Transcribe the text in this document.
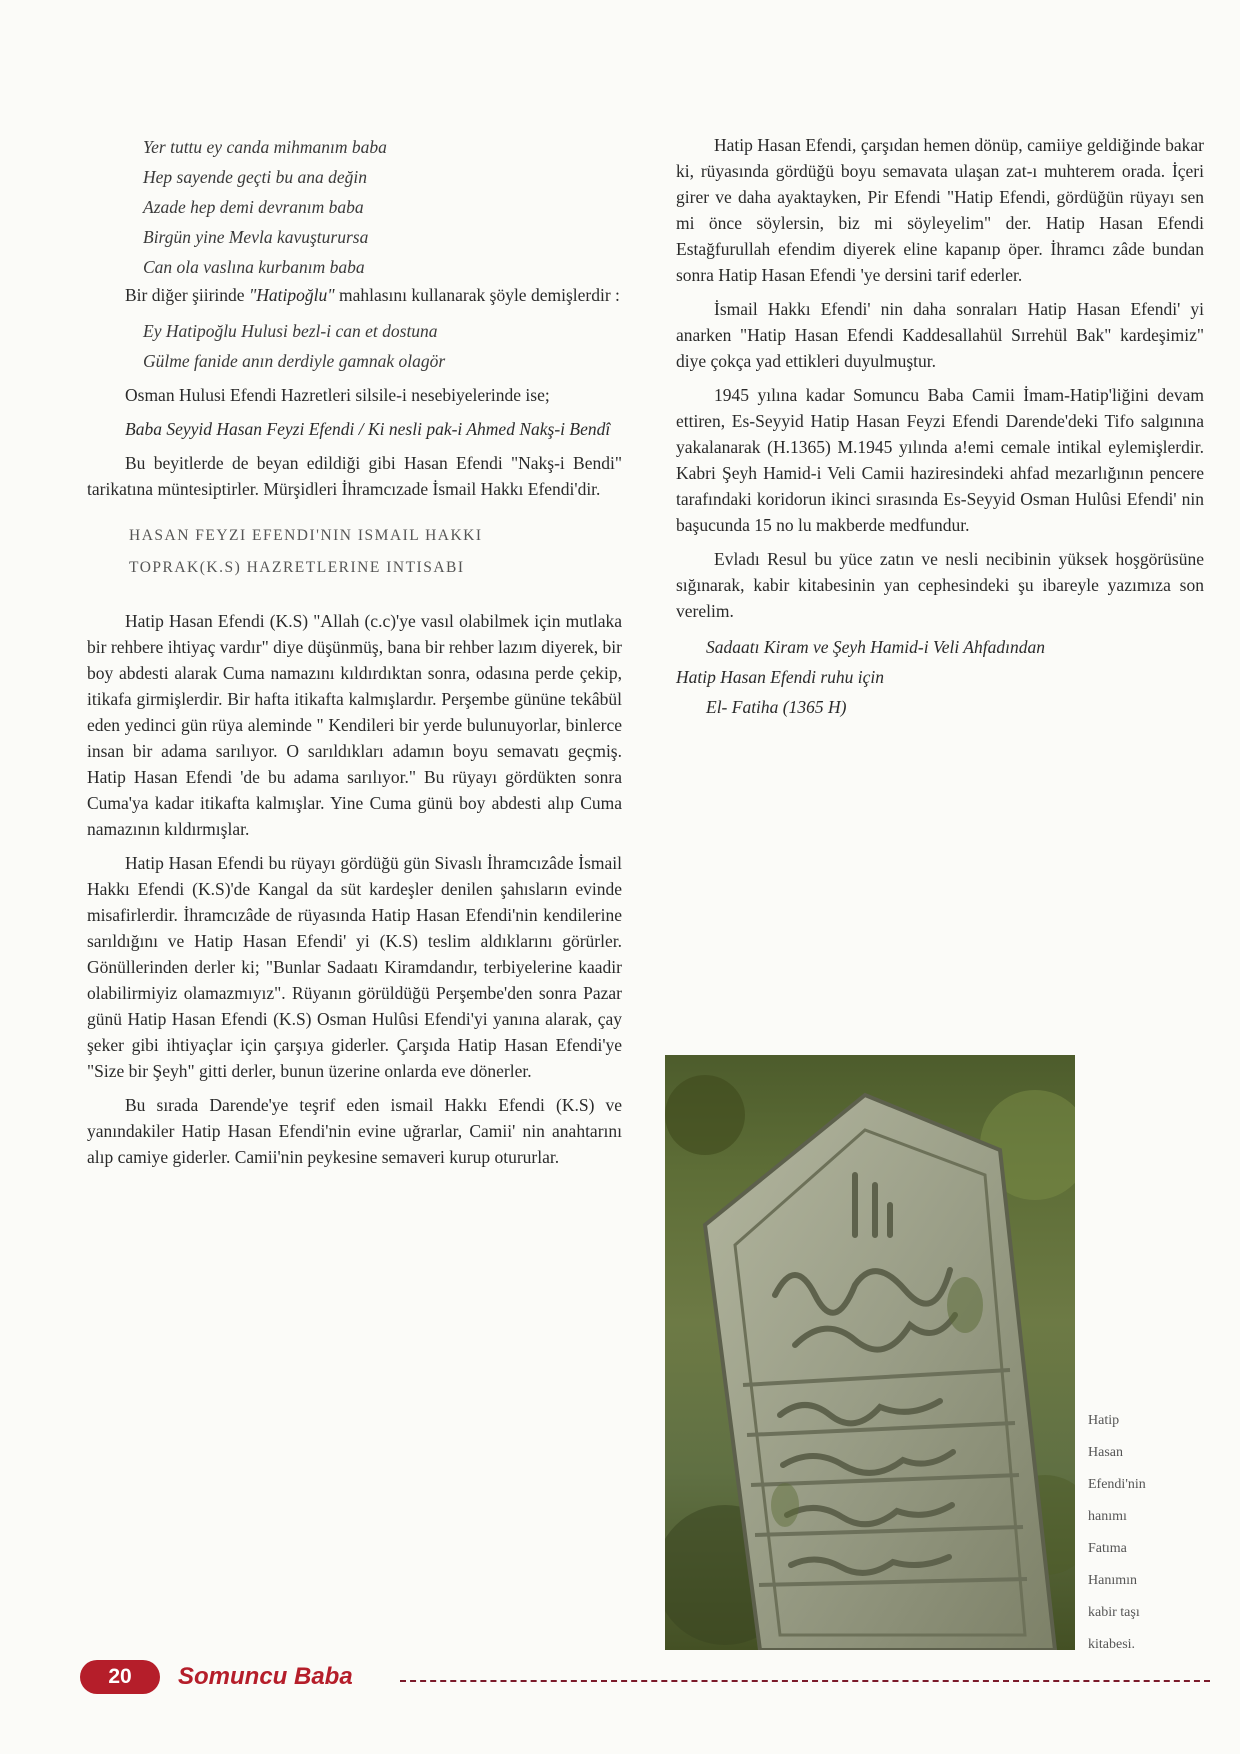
Yer tuttu ey canda mihmanım baba
Hep sayende geçti bu ana değin
Azade hep demi devranım baba
Birgün yine Mevla kavuşturursa
Can ola vaslına kurbanım baba

Bir diğer şiirinde "Hatipoğlu" mahlasını kullanarak şöyle demişlerdir :

Ey Hatipoğlu Hulusi bezl-i can et dostuna
Gülme fanide anın derdiyle gamnak olagör

Osman Hulusi Efendi Hazretleri silsile-i nesebiyelerinde ise;

Baba Seyyid Hasan Feyzi Efendi / Ki nesli pak-i Ahmed Nakş-i Bendî

Bu beyitlerde de beyan edildiği gibi Hasan Efendi "Nakş-i Bendi" tarikatına müntesiptirler. Mürşidleri İhramcızade İsmail Hakkı Efendi'dir.

HASAN FEYZI EFENDI'NIN ISMAIL HAKKI
TOPRAK(K.S) HAZRETLERINE INTISABI

Hatip Hasan Efendi (K.S) "Allah (c.c)'ye vasıl olabilmek için mutlaka bir rehbere ihtiyaç vardır" diye düşünmüş, bana bir rehber lazım diyerek, bir boy abdesti alarak Cuma namazını kıldırdıktan sonra, odasına perde çekip, itikafa girmişlerdir. Bir hafta itikafta kalmışlardır. Perşembe gününe tekâbül eden yedinci gün rüya aleminde " Kendileri bir yerde bulunuyorlar, binlerce insan bir adama sarılıyor. O sarıldıkları adamın boyu semavatı geçmiş. Hatip Hasan Efendi 'de bu adama sarılıyor." Bu rüyayı gördükten sonra Cuma'ya kadar itikafta kalmışlar. Yine Cuma günü boy abdesti alıp Cuma namazının kıldırmışlar.

Hatip Hasan Efendi bu rüyayı gördüğü gün Sivaslı İhramcızâde İsmail Hakkı Efendi (K.S)'de Kangal da süt kardeşler denilen şahısların evinde misafirlerdir. İhramcızâde de rüyasında Hatip Hasan Efendi'nin kendilerine sarıldığını ve Hatip Hasan Efendi' yi (K.S) teslim aldıklarını görürler. Gönüllerinden derler ki; "Bunlar Sadaatı Kiramdandır, terbiyelerine kaadir olabilirmiyiz olamazmıyız". Rüyanın görüldüğü Perşembe'den sonra Pazar günü Hatip Hasan Efendi (K.S) Osman Hulûsi Efendi'yi yanına alarak, çay şeker gibi ihtiyaçlar için çarşıya giderler. Çarşıda Hatip Hasan Efendi'ye "Size bir Şeyh" gitti derler, bunun üzerine onlarda eve dönerler.

Bu sırada Darende'ye teşrif eden ismail Hakkı Efendi (K.S) ve yanındakiler Hatip Hasan Efendi'nin evine uğrarlar, Camii' nin anahtarını alıp camiye giderler. Camii'nin peykesine semaveri kurup otururlar.

Hatip Hasan Efendi, çarşıdan hemen dönüp, camiiye geldiğinde bakar ki, rüyasında gördüğü boyu semavata ulaşan zat-ı muhterem orada. İçeri girer ve daha ayaktayken, Pir Efendi "Hatip Efendi, gördüğün rüyayı sen mi önce söylersin, biz mi söyleyelim" der. Hatip Hasan Efendi Estağfurullah efendim diyerek eline kapanıp öper. İhramcı zâde bundan sonra Hatip Hasan Efendi 'ye dersini tarif ederler.

İsmail Hakkı Efendi' nin daha sonraları Hatip Hasan Efendi' yi anarken "Hatip Hasan Efendi Kaddesallahül Sırrehül Bak" kardeşimiz" diye çokça yad ettikleri duyulmuştur.

1945 yılına kadar Somuncu Baba Camii İmam-Hatip'liğini devam ettiren, Es-Seyyid Hatip Hasan Feyzi Efendi Darende'deki Tifo salgınına yakalanarak (H.1365) M.1945 yılında a!emi cemale intikal eylemişlerdir. Kabri Şeyh Hamid-i Veli Camii haziresindeki ahfad mezarlığının pencere tarafındaki koridorun ikinci sırasında Es-Seyyid Osman Hulûsi Efendi' nin başucunda 15 no lu makberde medfundur.

Evladı Resul bu yüce zatın ve nesli necibinin yüksek hoşgörüsüne sığınarak, kabir kitabesinin yan cephesindeki şu ibareyle yazımıza son verelim.

Sadaatı Kiram ve Şeyh Hamid-i Veli Ahfadından
Hatip Hasan Efendi ruhu için
El- Fatiha (1365 H)
Hatip
Hasan
Efendi'nin
hanımı
Fatıma
Hanımın
kabir taşı
kitabesi.
20	Somuncu Baba
